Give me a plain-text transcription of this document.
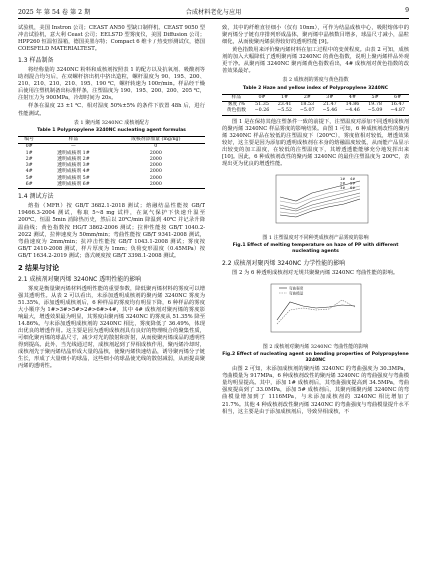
2025 年 第 54 卷 第 2 期	合成材料老化与应用	9

试验机，美国 Instron 公司；CEAST AN50 型缺口制样机、CEAST 9050 型冲击试验机，意大利 Ceast 公司；EELS7D 型雾度仪，美国 Diffusion 公司；HPP260 恒温恒湿箱，德国美墨尔特；Compact 6 维卡 / 热变形测试仪，德国 COESFELD MATERIALTEST。

1.3 样品制备

将经称量的 3240NC 粉料和成核剂按照表 1 的配方以及抗氧剂、吸酸剂等助剂混合均匀后，在双螺杆挤出机中挤出造粒，螺杆温度为 90、195、200、210、210、210、210、195、190 ℃，螺杆转速为 100r/min。样品经干燥后使用注塑机制备出标准样条，注塑温度为 190、195、200、200、205 ℃，注射压力为 900MPa，冷却时间为 20s。

样条在温度 23 ±1 ℃、相对湿度 50%±5% 的条件下放置 48h 后，进行性能测试。

表 1 聚丙烯 3240NC 成核剂配方
Table 1 Polypropylene 3240NC nucleating agent formulas
编号	样品	成核剂添加量 (mg/kg)
0#	—	0
1#	透明成核剂 1#	2000
2#	透明成核剂 2#	2000
3#	透明成核剂 3#	2000
4#	透明成核剂 4#	2000
5#	透明成核剂 5#	2000
6#	透明成核剂 6#	2000
1.4 测试方法

熔指（MFR）按 GB/T 3682.1-2018 测试；熔融结晶性能按 GB/T 19466.3-2004 测试，称取 5~8 mg 试样，在氮气保护下快速升温至 200℃，恒温 5min 消除热历史，然后以 20℃/min 降温到 40℃ 并记录升降温曲线；黄色指数按 HG/T 3862-2006 测试；拉伸性能按 GB/T 1040.2-2022 测试，拉伸速度为 50mm/min；弯曲性能按 GB/T 9341-2008 测试，弯曲速度为 2mm/min；抗冲击性能按 GB/T 1043.1-2008 测试；雾度按 GB/T 2410-2008 测试，样片厚度为 1mm；负荷变形温度（0.45MPa）按 GB/T 1634.2-2019 测试；落式硬度按 GB/T 3398.1-2008 测试。

2 结果与讨论
2.1 成核剂对聚丙烯 3240NC 透明性能的影响

雾度是衡量聚丙烯材料透明性能的重要参数，降低聚丙烯材料的雾度可以增强其透明性。从表 2 可以看出，未添加透明成核剂的聚丙烯 3240NC 雾度为 51.35%，添加透明成核剂后，6 种样品的雾度均有明显下降，6 种样品的雾度大小顺序为 1#>3#>5#>2#>6#>4#，其中 4# 成核剂对聚丙烯的雾度影响最大，增透效果最为明显，其雾度由聚丙烯 3240NC 的雾度从 51.35% 降至 14.86%。与未添加透明成核剂的 3240NC 相比，雾度降低了 36.49%，体现出优良的增透作用。这主要是因为透明成核剂具有良好的物理吸合的聚集性质，可细化聚丙烯的球晶尺寸，减少对光的散射和折射，从而使聚丙烯成品的透明性得到提高。此外，当光线通过时，成核剂起到了异相成核作用，聚丙烯冷却时，成核剂先于聚丙烯结晶形成大量的晶核，使聚丙烯快速结晶，诱导聚丙烯分子链生长，形成了大量细小的球晶，这些细小的球晶使光线的散射减弱，从而提高聚丙烯的透明性。

致，其中的纤维直径细小（仅有 10nm），可作为结晶成核中心，吸附熔体中的聚丙烯分子链有序排列形成晶体，聚丙烯中晶核数目增多，球晶尺寸减小，晶粒细化，从而使聚丙烯获得较好的透明性能 [9]。

黄色指数用来评价聚丙烯材料在加工过程中的变黄程度。由表 2 可知，成核剂的加入大幅降低了透明聚丙烯 3240NC 的黄色指数，说明上聚丙烯样品外观更干净。从聚丙烯 3240NC 聚丙烯黄色指数看出，4# 成核剂对黄色指数的改善效果最好。

表 2 成核剂的雾度与黄色指数
Table 2 Haze and yellow index of Polypropylene 3240NC
样品	0#	1#	2#	3#	4#	5#	6#
雾度 /%	51.35	23.41	18.53	21.47	14.86	19.78	16.47
黄色指数	−0.26	−5.52	−5.07	−5.46	−4.46	−5.09	−4.87

图 1 是在保持其他注塑条件一致的前提下，注塑温度对添加不同透明成核剂的聚丙烯 3240NC 样品雾度的影响结果。由图 1 可知，6 种成核剂改性的聚丙烯 3240NC 样品在较低的注塑温度下（200℃），雾度值相对较低，增透效果较好，这主要是因为添加的透明成核剂在本身的熔融温度较低，从而能产品显示出较变的加工温度，在较低的注塑温度下，其增透透能能够充分地发挥出来 [10]。因此，6 种成核剂改性的聚丙烯 3240NC 的最佳注塑温度为 200℃，表现出更为优良的增透性能。

1#
2#
3#
4#
5#
6#
图 1 注塑温度对不同种类成核剂产品雾度的影响
Fig.1 Effect of melting temperature on haze of PP with different nucleating agents
2.2 成核剂对聚丙烯 3240NC 力学性能的影响

图 2 为 6 种透明成核剂对无规共聚聚丙烯 3240NC 弯曲性能的影响。

弯曲强度
弯曲模量
图 2 成核剂对聚丙烯 3240NC 弯曲性能的影响
Fig.2 Effect of nucleating agent on bending properties of Polypropylene 3240NC

由图 2 可知，未添加成核剂的聚丙烯 3240NC 的弯曲强度为 30.3MPa，弯曲模量为 917MPa，6 种成核剂改性的聚丙烯 3240NC 的弯曲强度与弯曲模量均明显提高。其中，添加 1# 成核剂后，其弯曲强度提高到 34.5MPa，弯曲强度提高到了 33.0MPa，添加 5# 成核剂后，其聚丙烯聚丙烯 3240NC 的弯曲模量增加到了 1116MPa，与未添加成核剂的 3240NC 相比增加了 21.7%。其他 4 种成核剂改性聚丙烯 3240NC 的弯曲强度与弯曲模量提升水平相当，这主要是由于添加成核剂后，导致异相成核，不
